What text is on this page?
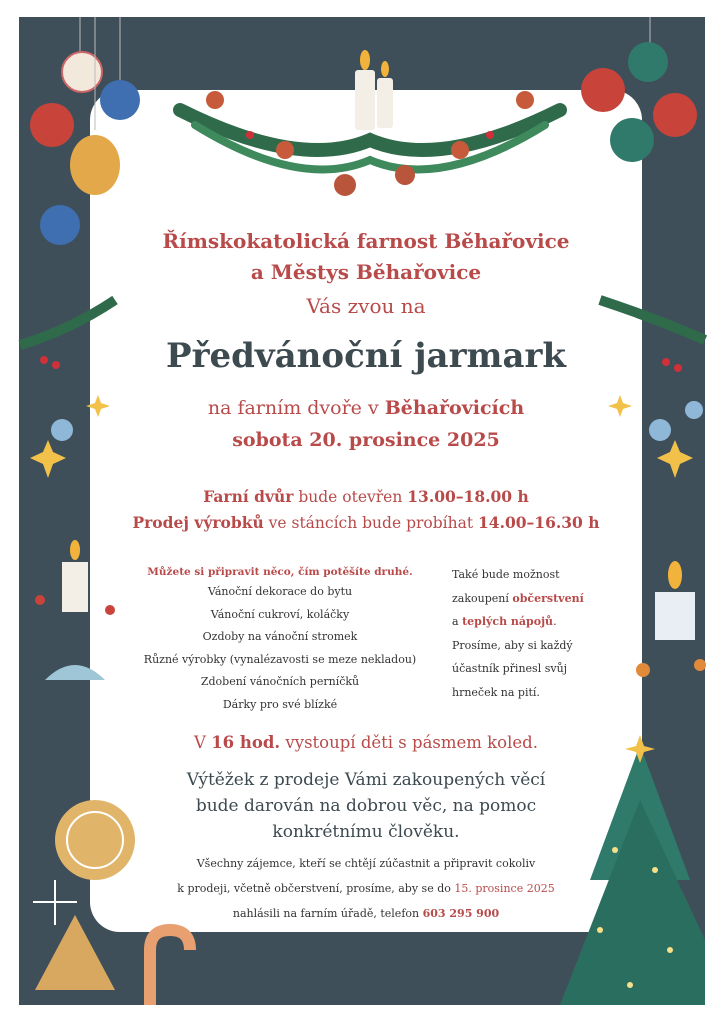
Římskokatolická farnost Běhařovice
a Městys Běhařovice
Vás zvou na
Předvánoční jarmark
na farním dvoře v Běhařovicích
sobota 20. prosince 2025
Farní dvůr bude otevřen 13.00–18.00 h
Prodej výrobků ve stáncích bude probíhat 14.00–16.30 h
Můžete si připravit něco, čím potěšíte druhé.
Vánoční dekorace do bytu
Vánoční cukroví, koláčky
Ozdoby na vánoční stromek
Různé výrobky (vynalézavosti se meze nekladou)
Zdobení vánočních perníčků
Dárky pro své blízké
Také bude možnost
zakoupení občerstvení
a teplých nápojů.
Prosíme, aby si každý
účastník přinesl svůj
hrneček na pití.
V 16 hod. vystoupí děti s pásmem koled.
Výtěžek z prodeje Vámi zakoupených věcí
bude darován na dobrou věc, na pomoc
konkrétnímu člověku.
Všechny zájemce, kteří se chtějí zúčastnit a připravit cokoliv
k prodeji, včetně občerstvení, prosíme, aby se do 15. prosince 2025
nahlásili na farním úřadě, telefon 603 295 900
